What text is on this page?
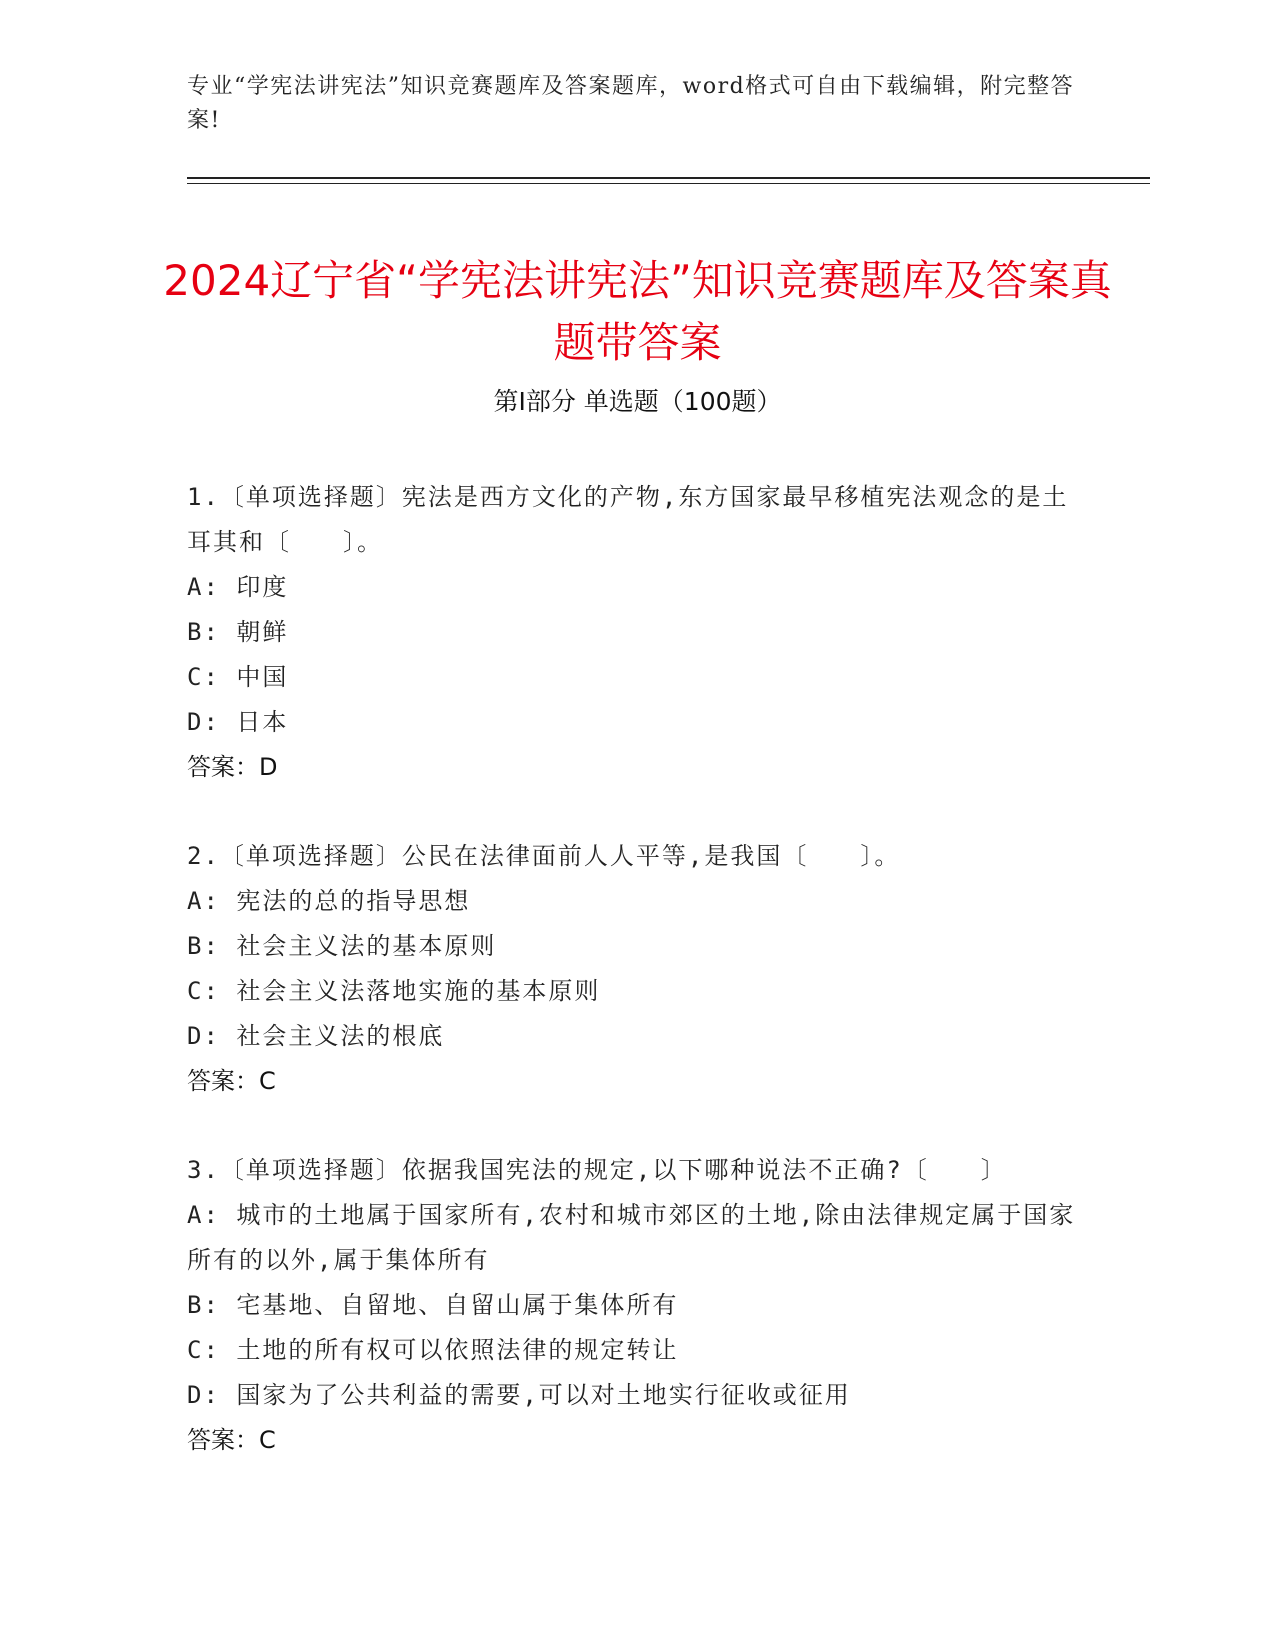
专业“学宪法讲宪法”知识竞赛题库及答案题库，word格式可自由下载编辑，附完整答案!
2024辽宁省“学宪法讲宪法”知识竞赛题库及答案真题带答案
第I部分 单选题（100题）
1.〔单项选择题〕宪法是西方文化的产物,东方国家最早移植宪法观念的是土耳其和〔　　〕。
A: 印度
B: 朝鲜
C: 中国
D: 日本
答案：D
2.〔单项选择题〕公民在法律面前人人平等,是我国〔　　〕。
A: 宪法的总的指导思想
B: 社会主义法的基本原则
C: 社会主义法落地实施的基本原则
D: 社会主义法的根底
答案：C
3.〔单项选择题〕依据我国宪法的规定,以下哪种说法不正确?〔　　〕
A: 城市的土地属于国家所有,农村和城市郊区的土地,除由法律规定属于国家所有的以外,属于集体所有
B: 宅基地、自留地、自留山属于集体所有
C: 土地的所有权可以依照法律的规定转让
D: 国家为了公共利益的需要,可以对土地实行征收或征用
答案：C
